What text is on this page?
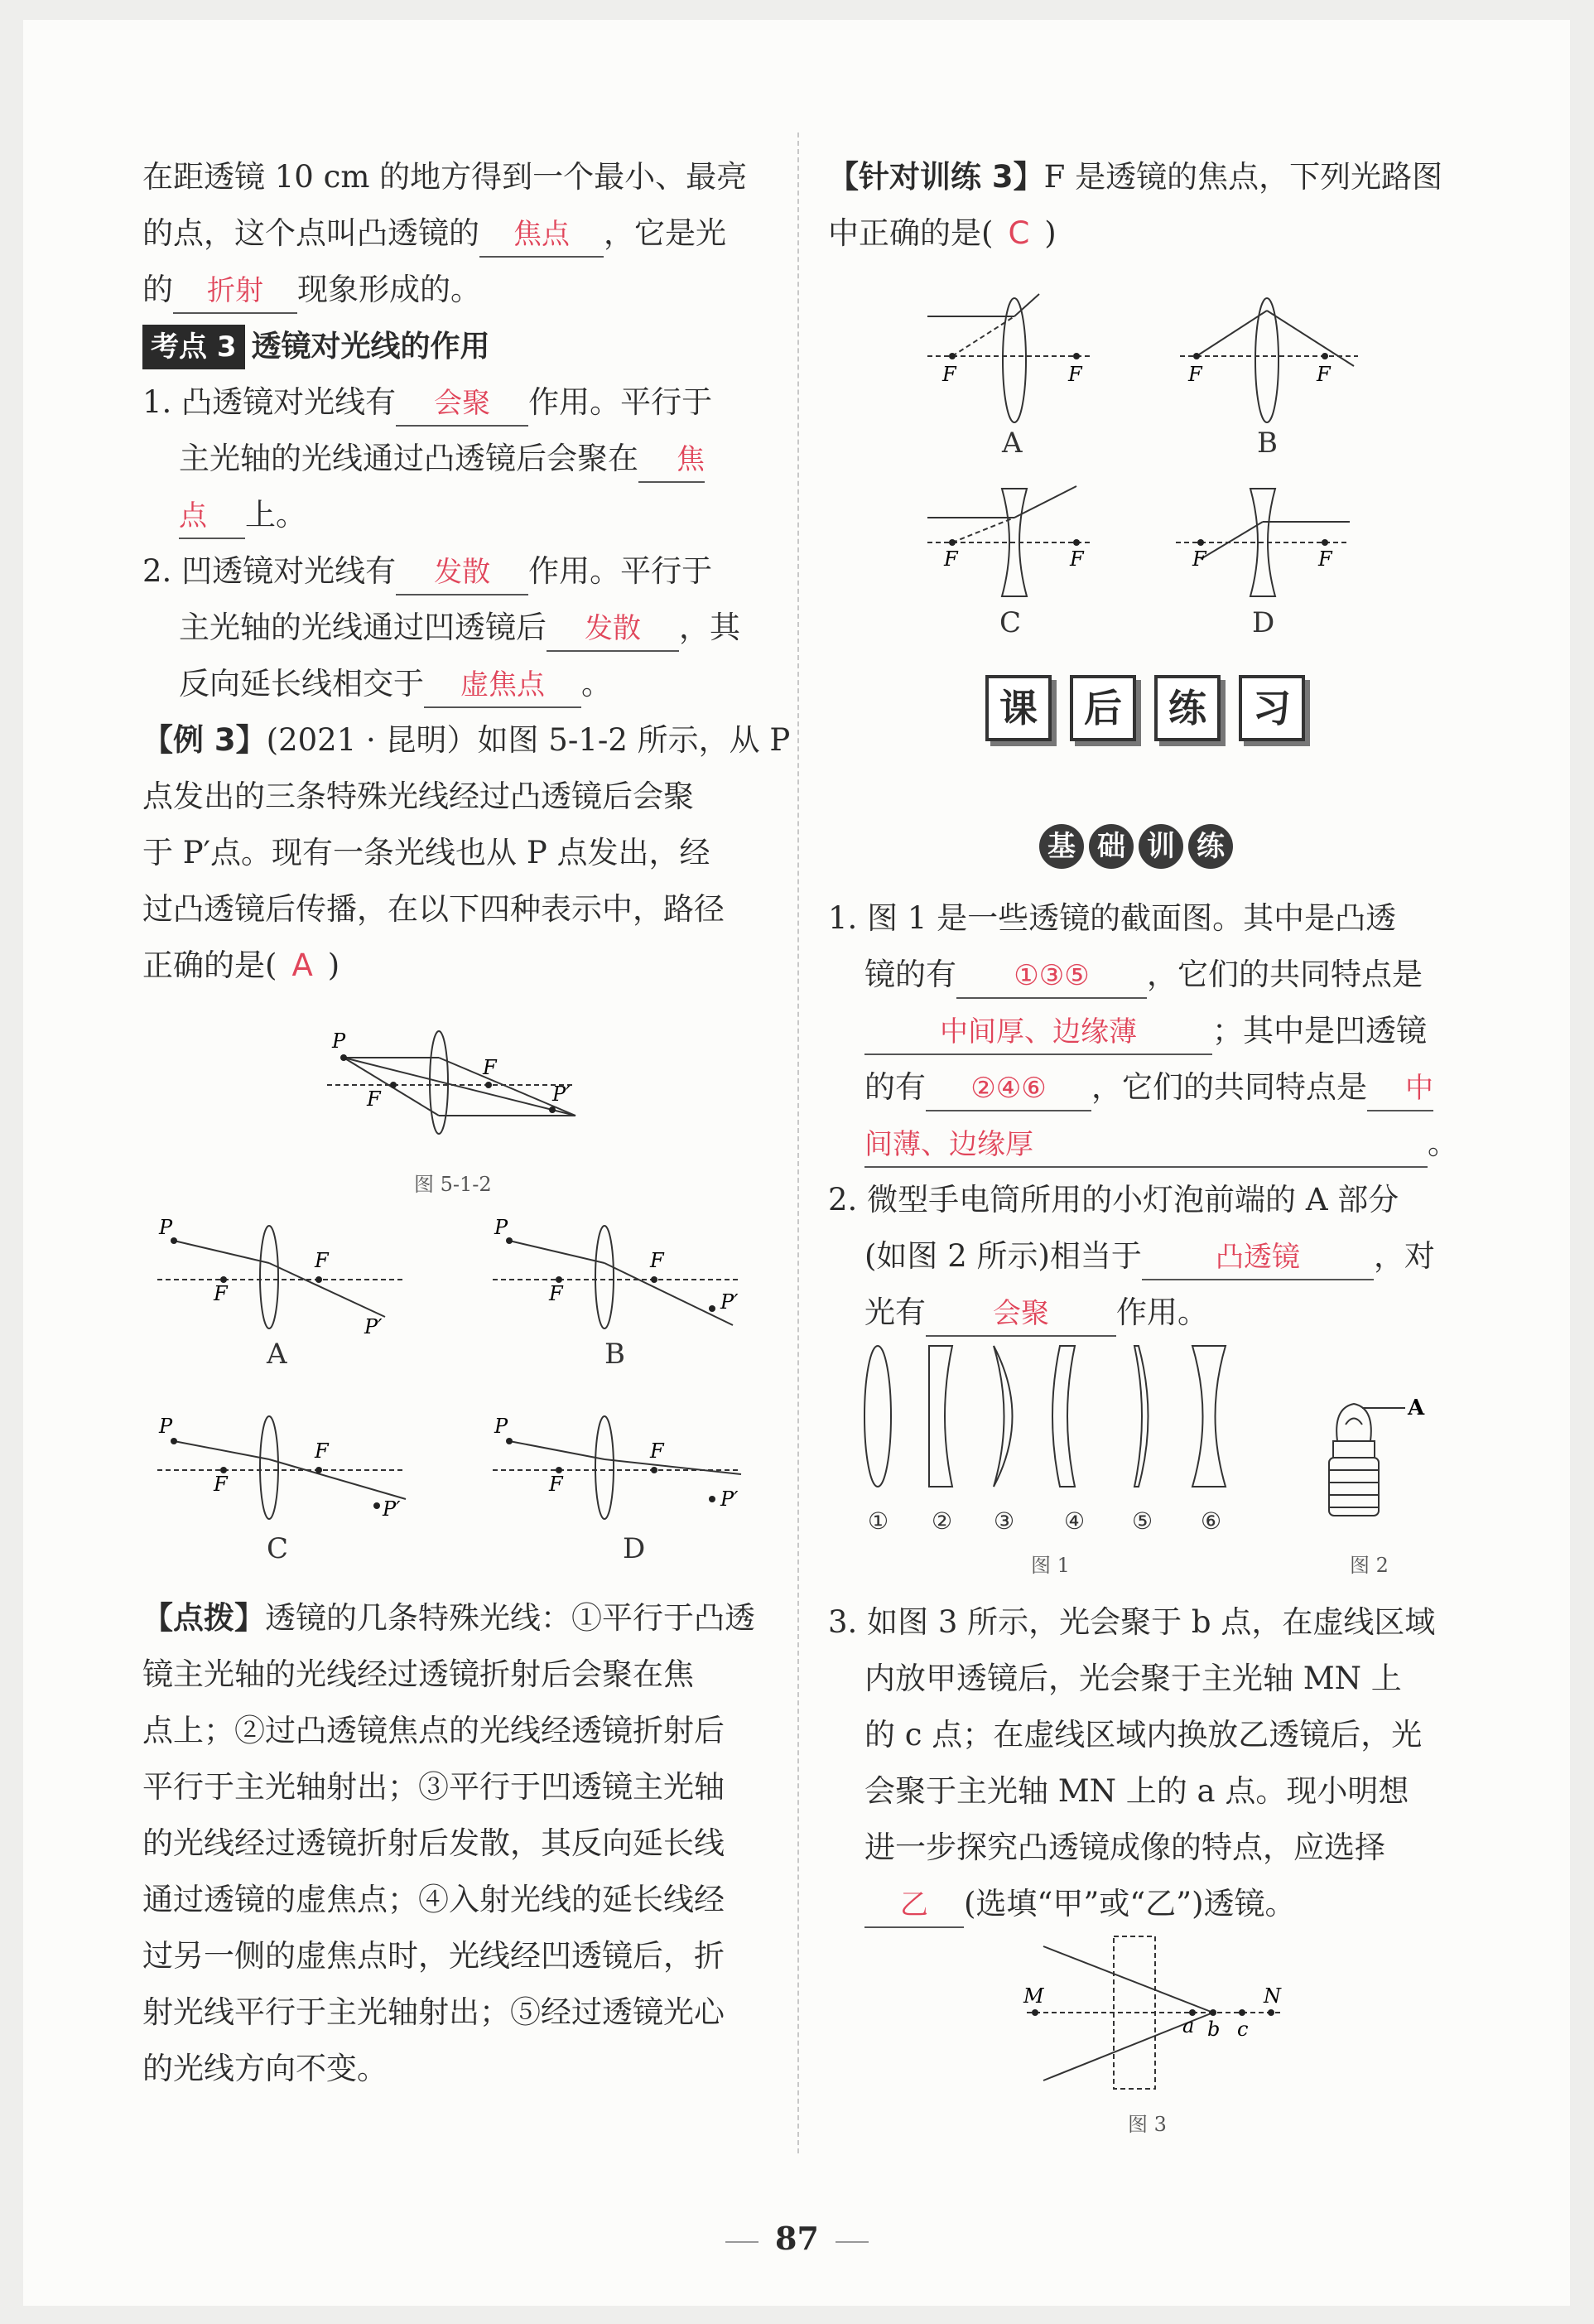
在距透镜 10 cm 的地方得到一个最小、最亮
的点，这个点叫凸透镜的 焦点 ，它是光
的 折射 现象形成的。
考点 3 透镜对光线的作用
1. 凸透镜对光线有 会聚 作用。平行于
主光轴的光线通过凸透镜后会聚在 焦
点 上。
2. 凹透镜对光线有 发散 作用。平行于
主光轴的光线通过凹透镜后 发散 ，其
反向延长线相交于 虚焦点 。
【例 3】(2021 · 昆明）如图 5-1-2 所示，从 P
点发出的三条特殊光线经过凸透镜后会聚
于 P′点。现有一条光线也从 P 点发出，经
过凸透镜后传播，在以下四种表示中，路径
正确的是( A )
P
F
F
P′
图 5-1-2
P
F
F
P′
A
P
F
F
P′
B
P
F
F
P′
C
P
F
F
P′
D
【点拨】透镜的几条特殊光线：①平行于凸透
镜主光轴的光线经过透镜折射后会聚在焦
点上；②过凸透镜焦点的光线经透镜折射后
平行于主光轴射出；③平行于凹透镜主光轴
的光线经过透镜折射后发散，其反向延长线
通过透镜的虚焦点；④入射光线的延长线经
过另一侧的虚焦点时，光线经凹透镜后，折
射光线平行于主光轴射出；⑤经过透镜光心
的光线方向不变。
【针对训练 3】F 是透镜的焦点，下列光路图
中正确的是( C )
F	F
A
F	F
B
F	F
C
F	F
D
课	后	练	习
基 础 训 练
1. 图 1 是一些透镜的截面图。其中是凸透
镜的有 ①③⑤ ，它们的共同特点是
中间厚、边缘薄 ；其中是凹透镜
的有 ②④⑥ ，它们的共同特点是 中
间薄、边缘厚	。
2. 微型手电筒所用的小灯泡前端的 A 部分
(如图 2 所示)相当于	凸透镜 ，对
光有 会聚 作用。
① ② ③ ④ ⑤ ⑥
图 1
A
图 2
3. 如图 3 所示，光会聚于 b 点，在虚线区域
内放甲透镜后，光会聚于主光轴 MN 上
的 c 点；在虚线区域内换放乙透镜后，光
会聚于主光轴 MN 上的 a 点。现小明想
进一步探究凸透镜成像的特点，应选择
乙 (选填“甲”或“乙”)透镜。
M	N
a b c
图 3
87
